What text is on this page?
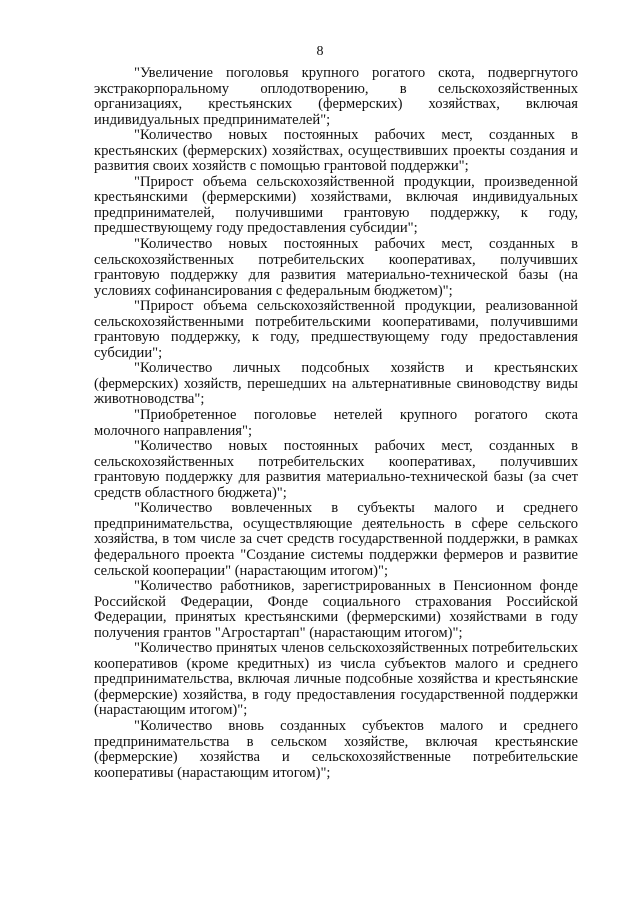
8

"Увеличение поголовья крупного рогатого скота, подвергнутого экстракорпоральному оплодотворению, в сельскохозяйственных организациях, крестьянских (фермерских) хозяйствах, включая индивидуальных предпринимателей";

"Количество новых постоянных рабочих мест, созданных в крестьянских (фермерских) хозяйствах, осуществивших проекты создания и развития своих хозяйств с помощью грантовой поддержки";

"Прирост объема сельскохозяйственной продукции, произведенной крестьянскими (фермерскими) хозяйствами, включая индивидуальных предпринимателей, получившими грантовую поддержку, к году, предшествующему году предоставления субсидии";

"Количество новых постоянных рабочих мест, созданных в сельскохозяйственных потребительских кооперативах, получивших грантовую поддержку для развития материально-технической базы (на условиях софинансирования с федеральным бюджетом)";

"Прирост объема сельскохозяйственной продукции, реализованной сельскохозяйственными потребительскими кооперативами, получившими грантовую поддержку, к году, предшествующему году предоставления субсидии";

"Количество личных подсобных хозяйств и крестьянских (фермерских) хозяйств, перешедших на альтернативные свиноводству виды животноводства";

"Приобретенное поголовье нетелей крупного рогатого скота молочного направления";

"Количество новых постоянных рабочих мест, созданных в сельскохозяйственных потребительских кооперативах, получивших грантовую поддержку для развития материально-технической базы (за счет средств областного бюджета)";

"Количество вовлеченных в субъекты малого и среднего предпринимательства, осуществляющие деятельность в сфере сельского хозяйства, в том числе за счет средств государственной поддержки, в рамках федерального проекта "Создание системы поддержки фермеров и развитие сельской кооперации" (нарастающим итогом)";

"Количество работников, зарегистрированных в Пенсионном фонде Российской Федерации, Фонде социального страхования Российской Федерации, принятых крестьянскими (фермерскими) хозяйствами в году получения грантов "Агростартап" (нарастающим итогом)";

"Количество принятых членов сельскохозяйственных потребительских кооперативов (кроме кредитных) из числа субъектов малого и среднего предпринимательства, включая личные подсобные хозяйства и крестьянские (фермерские) хозяйства, в году предоставления государственной поддержки (нарастающим итогом)";

"Количество вновь созданных субъектов малого и среднего предпринимательства в сельском хозяйстве, включая крестьянские (фермерские) хозяйства и сельскохозяйственные потребительские кооперативы (нарастающим итогом)";
